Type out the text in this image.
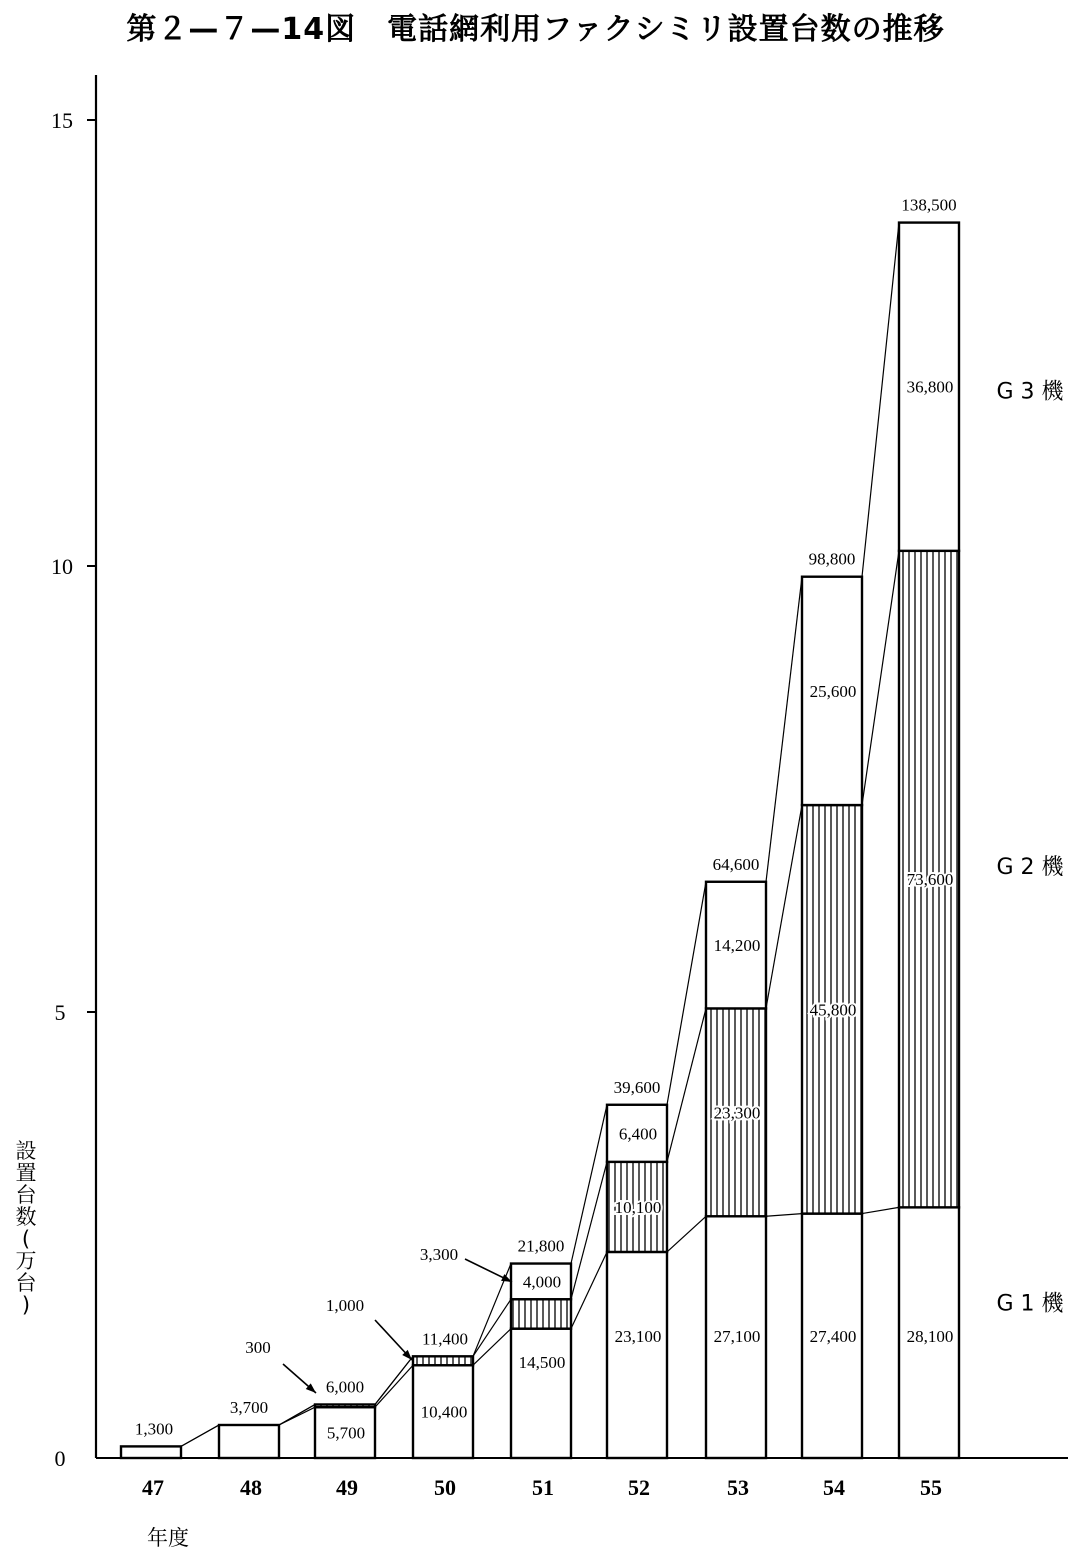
第２—７—14図　電話網利用ファクシミリ設置台数の推移
設
置
台
数
(
万
台
)
0
5
10
15
47	48	49	50	51	52	53	54	55
年度
1,300
3,700
6,000
11,400
21,800
39,600
64,600
98,800
138,500
5,700
10,400
14,500
4,000
23,100
6,400
10,100
27,100
14,200
23,300
27,400
25,600
45,800
28,100
36,800
73,600
300
1,000
3,300
G 1 機
G 2 機
G 3 機
